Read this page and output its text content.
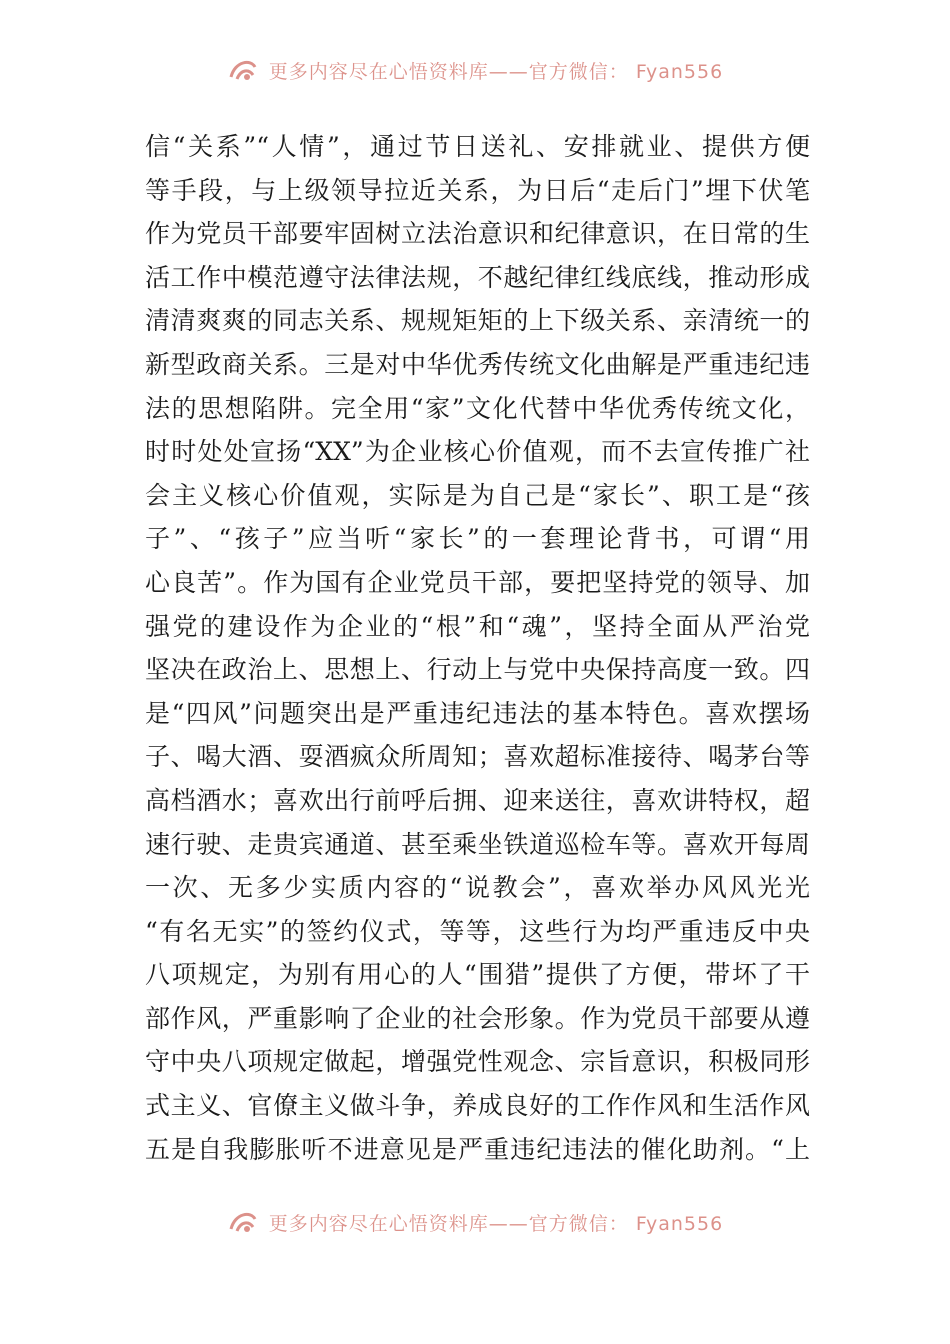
更多内容尽在心悟资料库——官方微信： Fyan556
信“关系”“人情”，通过节日送礼、安排就业、提供方便
等手段，与上级领导拉近关系，为日后“走后门”埋下伏笔
作为党员干部要牢固树立法治意识和纪律意识，在日常的生
活工作中模范遵守法律法规，不越纪律红线底线，推动形成
清清爽爽的同志关系、规规矩矩的上下级关系、亲清统一的
新型政商关系。三是对中华优秀传统文化曲解是严重违纪违
法的思想陷阱。完全用“家”文化代替中华优秀传统文化，
时时处处宣扬“XX”为企业核心价值观，而不去宣传推广社
会主义核心价值观，实际是为自己是“家长”、职工是“孩
子”、“孩子”应当听“家长”的一套理论背书，可谓“用
心良苦”。作为国有企业党员干部，要把坚持党的领导、加
强党的建设作为企业的“根”和“魂”，坚持全面从严治党
坚决在政治上、思想上、行动上与党中央保持高度一致。四
是“四风”问题突出是严重违纪违法的基本特色。喜欢摆场
子、喝大酒、耍酒疯众所周知；喜欢超标准接待、喝茅台等
高档酒水；喜欢出行前呼后拥、迎来送往，喜欢讲特权，超
速行驶、走贵宾通道、甚至乘坐铁道巡检车等。喜欢开每周
一次、无多少实质内容的“说教会”，喜欢举办风风光光
“有名无实”的签约仪式，等等，这些行为均严重违反中央
八项规定，为别有用心的人“围猎”提供了方便，带坏了干
部作风，严重影响了企业的社会形象。作为党员干部要从遵
守中央八项规定做起，增强党性观念、宗旨意识，积极同形
式主义、官僚主义做斗争，养成良好的工作作风和生活作风
五是自我膨胀听不进意见是严重违纪违法的催化助剂。“上
更多内容尽在心悟资料库——官方微信： Fyan556
